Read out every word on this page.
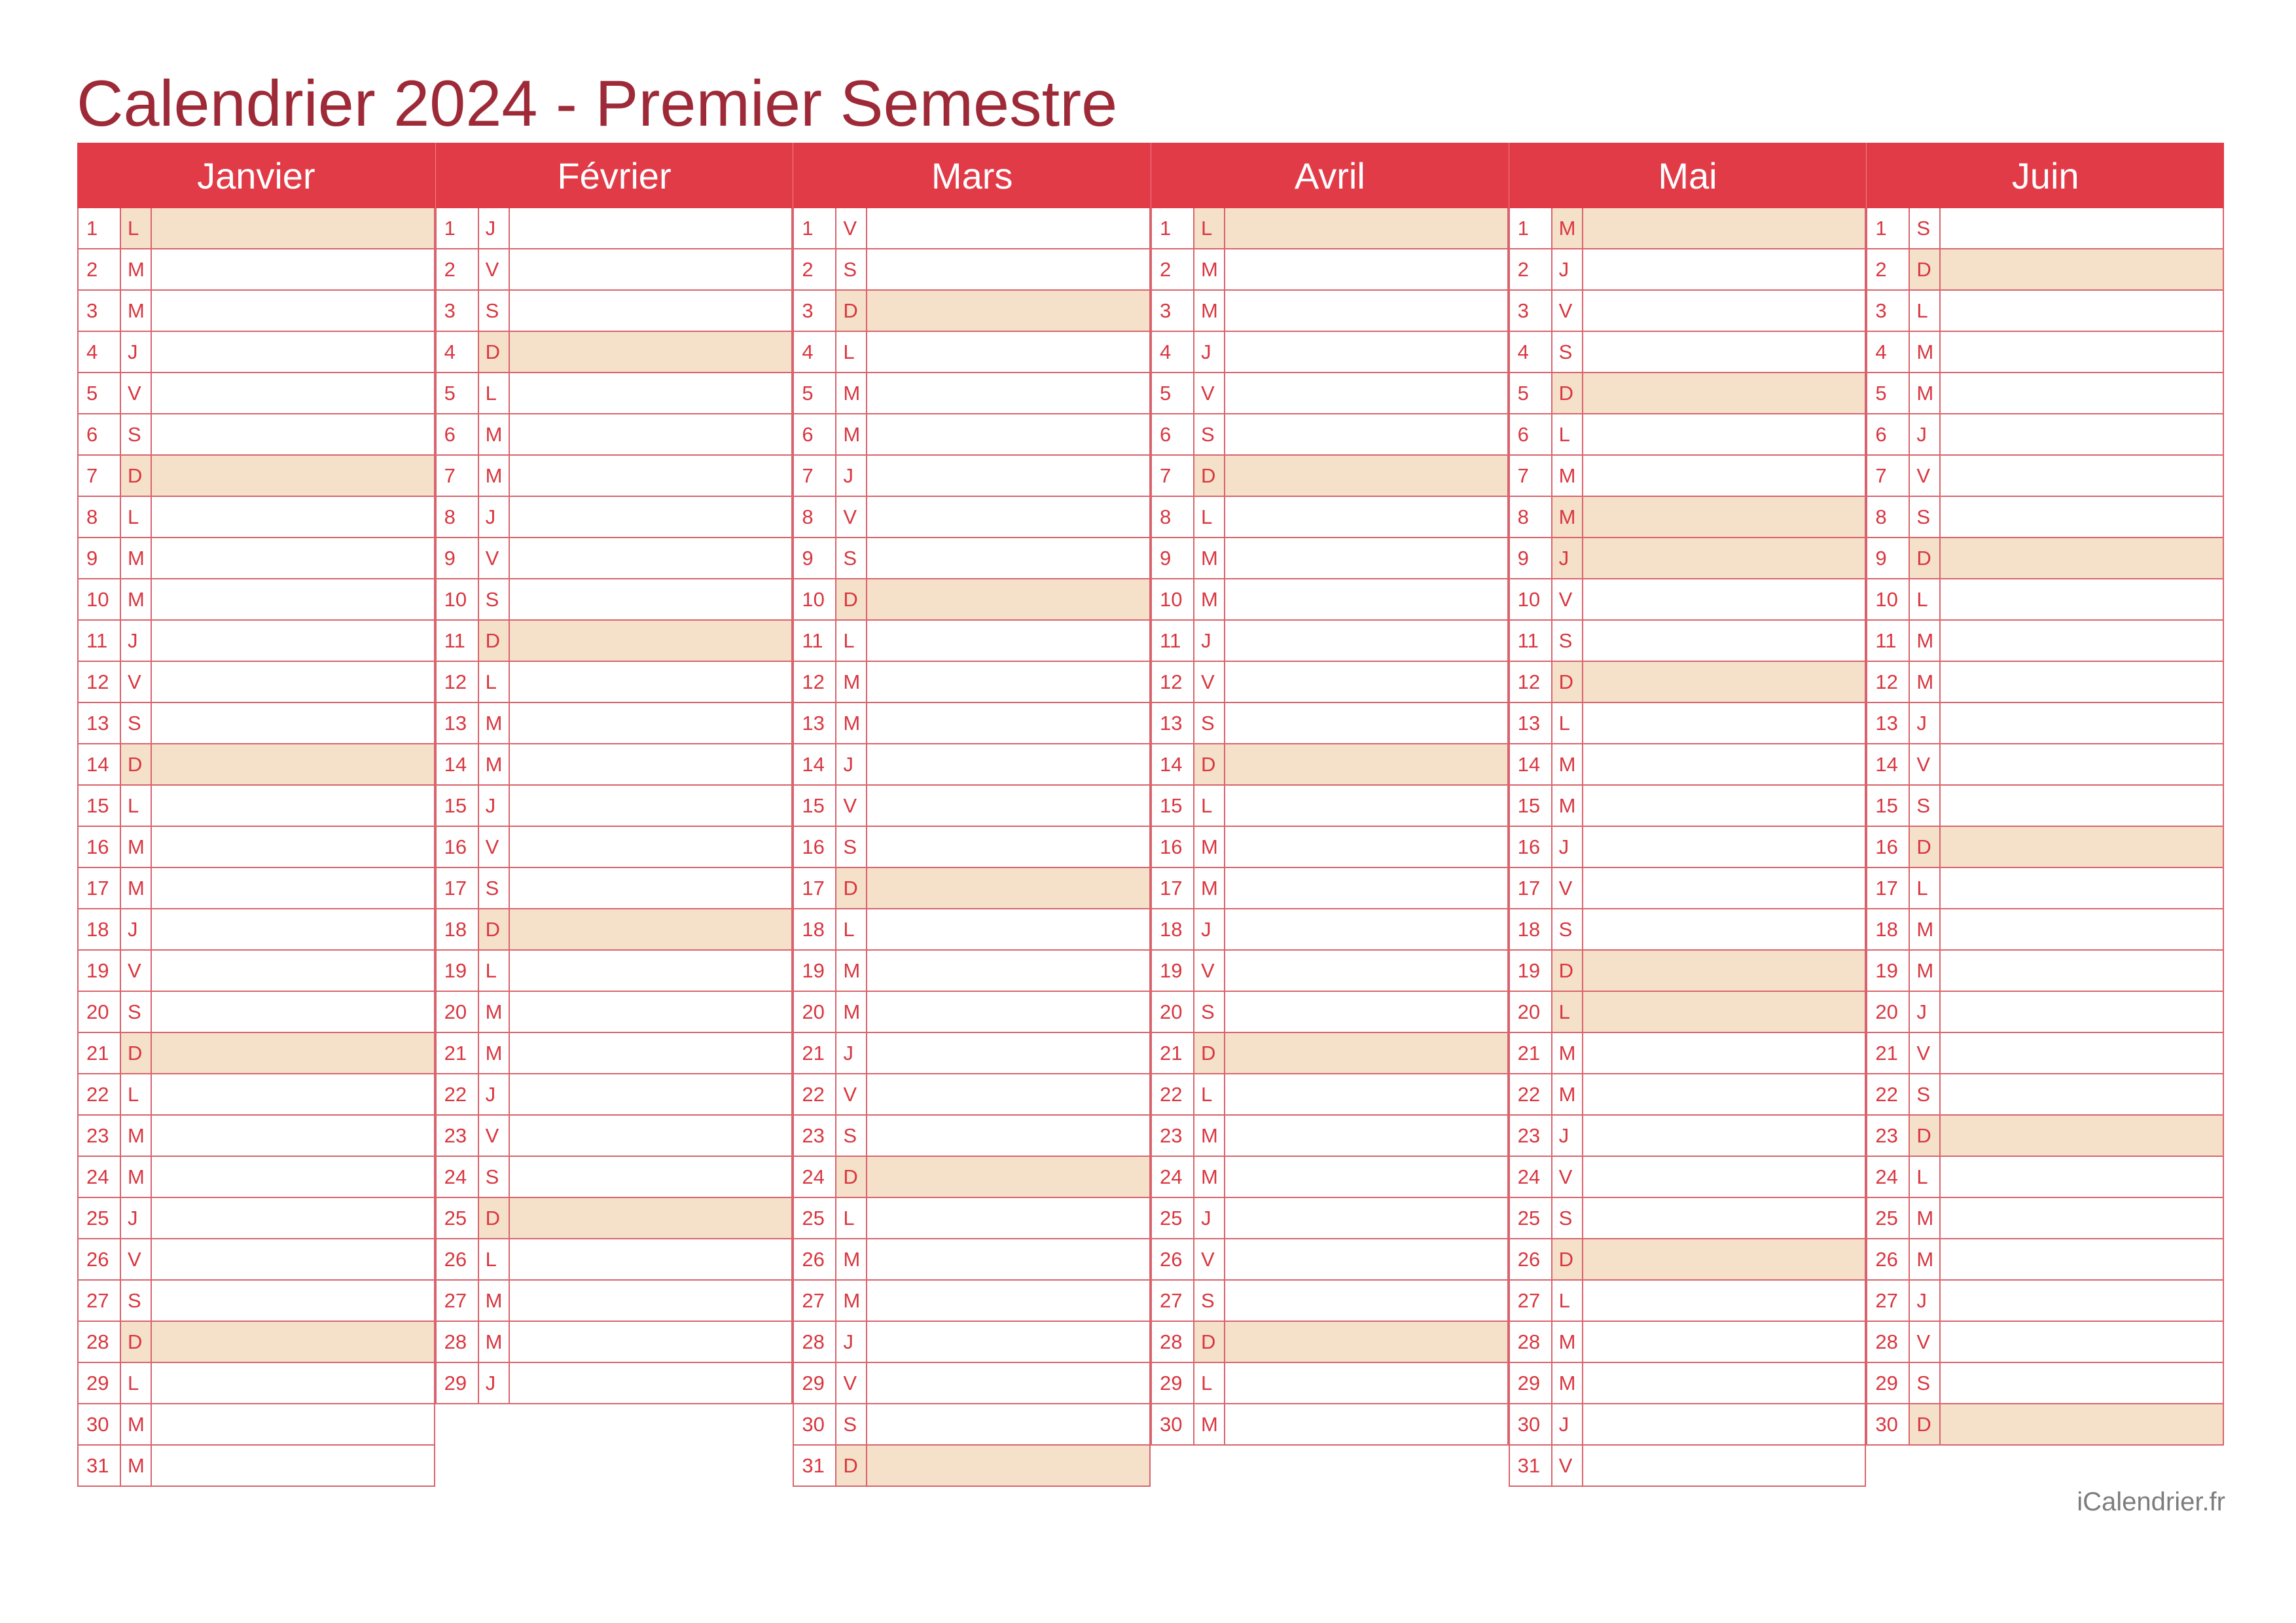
Calendrier 2024 - Premier Semestre
Janvier
1	L
2	M
3	M
4	J
5	V
6	S
7	D
8	L
9	M
10 M
11 J
12 V
13 S
14 D
15 L
16 M
17 M
18 J
19 V
20 S
21 D
22 L
23 M
24 M
25 J
26 V
27 S
28 D
29 L
30 M
31 M
Février
1	J
2	V
3	S
4	D
5	L
6	M
7	M
8	J
9	V
10 S
11 D
12 L
13 M
14 M
15 J
16 V
17 S
18 D
19 L
20 M
21 M
22 J
23 V
24 S
25 D
26 L
27 M
28 M
29 J
Mars
1	V
2	S
3	D
4	L
5	M
6	M
7	J
8	V
9	S
10 D
11 L
12 M
13 M
14 J
15 V
16 S
17 D
18 L
19 M
20 M
21 J
22 V
23 S
24 D
25 L
26 M
27 M
28 J
29 V
30 S
31 D
Avril
1	L
2	M
3	M
4	J
5	V
6	S
7	D
8	L
9	M
10 M
11 J
12 V
13 S
14 D
15 L
16 M
17 M
18 J
19 V
20 S
21 D
22 L
23 M
24 M
25 J
26 V
27 S
28 D
29 L
30 M
Mai
1	M
2	J
3	V
4	S
5	D
6	L
7	M
8	M
9	J
10 V
11 S
12 D
13 L
14 M
15 M
16 J
17 V
18 S
19 D
20 L
21 M
22 M
23 J
24 V
25 S
26 D
27 L
28 M
29 M
30 J
31 V
Juin
1	S
2	D
3	L
4	M
5	M
6	J
7	V
8	S
9	D
10 L
11 M
12 M
13 J
14 V
15 S
16 D
17 L
18 M
19 M
20 J
21 V
22 S
23 D
24 L
25 M
26 M
27 J
28 V
29 S
30 D
iCalendrier.fr
